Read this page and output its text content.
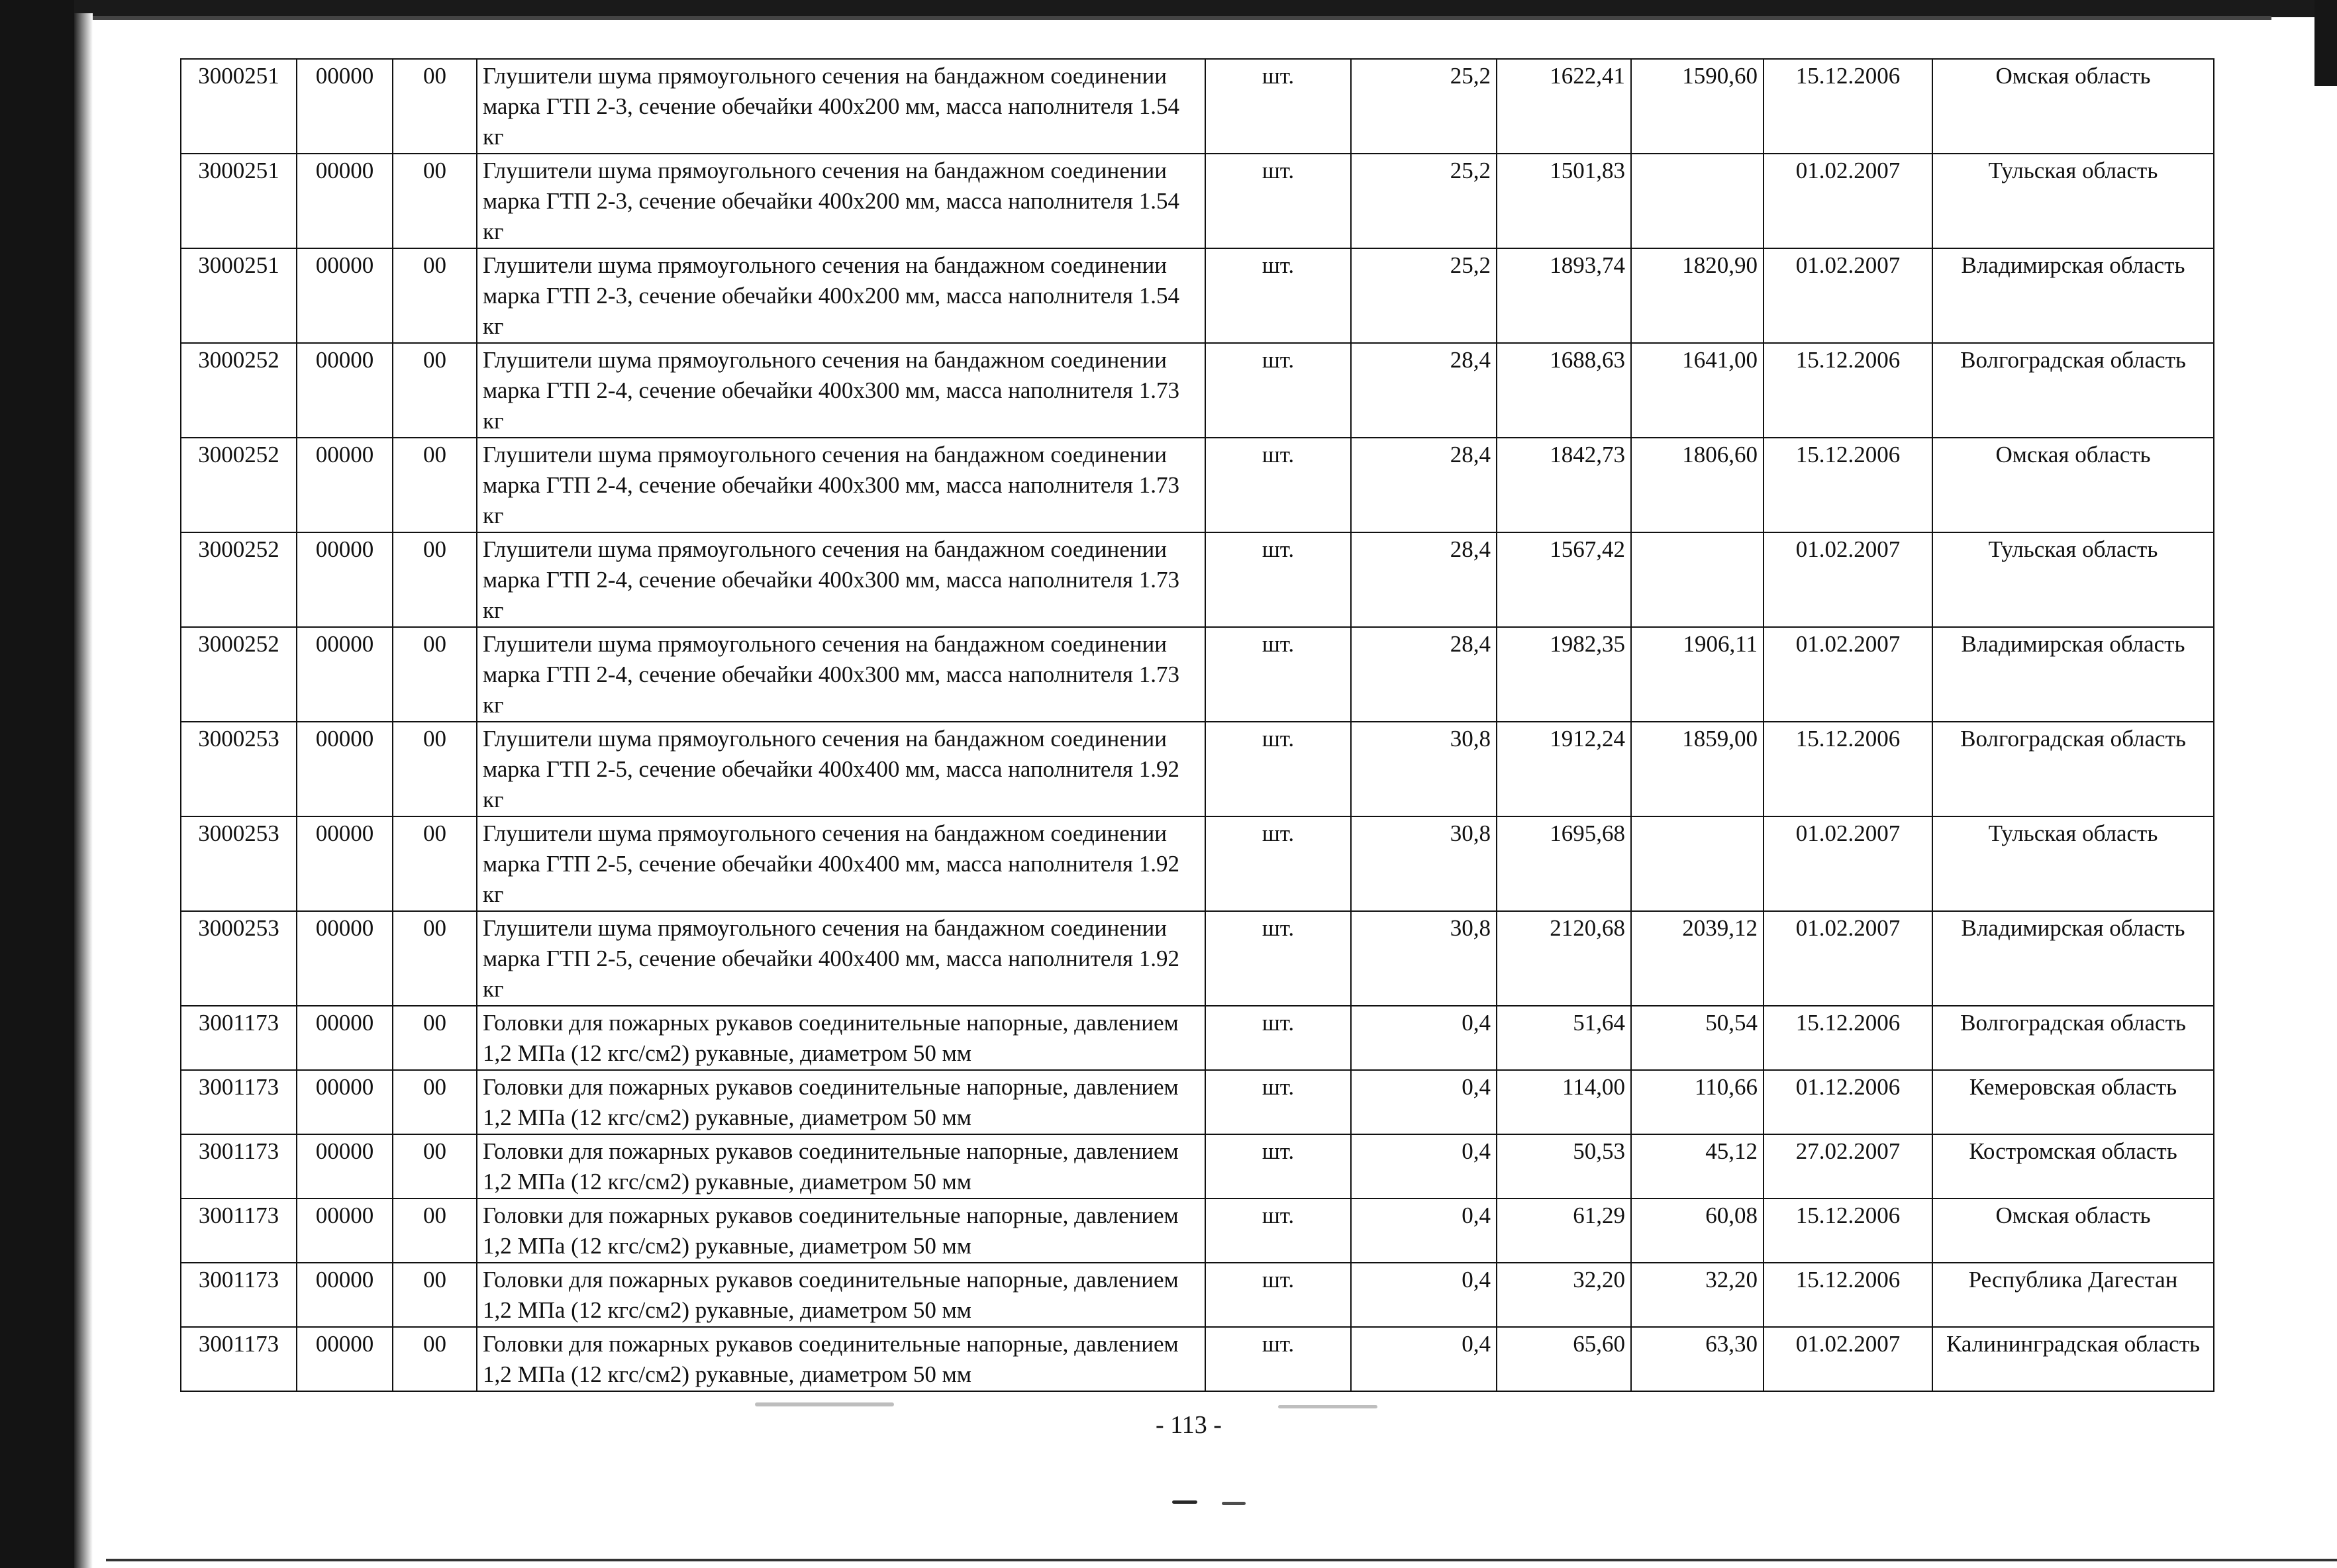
3000251	00000	00	Глушители шума прямоугольного сечения на бандажном соединении марка ГТП 2-3, сечение обечайки 400х200 мм, масса наполнителя 1.54 кг	шт.	25,2	1622,41	1590,60	15.12.2006	Омская область
3000251	00000	00	Глушители шума прямоугольного сечения на бандажном соединении марка ГТП 2-3, сечение обечайки 400х200 мм, масса наполнителя 1.54 кг	шт.	25,2	1501,83		01.02.2007	Тульская область
3000251	00000	00	Глушители шума прямоугольного сечения на бандажном соединении марка ГТП 2-3, сечение обечайки 400х200 мм, масса наполнителя 1.54 кг	шт.	25,2	1893,74	1820,90	01.02.2007	Владимирская область
3000252	00000	00	Глушители шума прямоугольного сечения на бандажном соединении марка ГТП 2-4, сечение обечайки 400х300 мм, масса наполнителя 1.73 кг	шт.	28,4	1688,63	1641,00	15.12.2006	Волгоградская область
3000252	00000	00	Глушители шума прямоугольного сечения на бандажном соединении марка ГТП 2-4, сечение обечайки 400х300 мм, масса наполнителя 1.73 кг	шт.	28,4	1842,73	1806,60	15.12.2006	Омская область
3000252	00000	00	Глушители шума прямоугольного сечения на бандажном соединении марка ГТП 2-4, сечение обечайки 400х300 мм, масса наполнителя 1.73 кг	шт.	28,4	1567,42		01.02.2007	Тульская область
3000252	00000	00	Глушители шума прямоугольного сечения на бандажном соединении марка ГТП 2-4, сечение обечайки 400х300 мм, масса наполнителя 1.73 кг	шт.	28,4	1982,35	1906,11	01.02.2007	Владимирская область
3000253	00000	00	Глушители шума прямоугольного сечения на бандажном соединении марка ГТП 2-5, сечение обечайки 400х400 мм, масса наполнителя 1.92 кг	шт.	30,8	1912,24	1859,00	15.12.2006	Волгоградская область
3000253	00000	00	Глушители шума прямоугольного сечения на бандажном соединении марка ГТП 2-5, сечение обечайки 400х400 мм, масса наполнителя 1.92 кг	шт.	30,8	1695,68		01.02.2007	Тульская область
3000253	00000	00	Глушители шума прямоугольного сечения на бандажном соединении марка ГТП 2-5, сечение обечайки 400х400 мм, масса наполнителя 1.92 кг	шт.	30,8	2120,68	2039,12	01.02.2007	Владимирская область
3001173	00000	00	Головки для пожарных рукавов соединительные напорные, давлением 1,2 МПа (12 кгс/см2) рукавные, диаметром 50 мм	шт.	0,4	51,64	50,54	15.12.2006	Волгоградская область
3001173	00000	00	Головки для пожарных рукавов соединительные напорные, давлением 1,2 МПа (12 кгс/см2) рукавные, диаметром 50 мм	шт.	0,4	114,00	110,66	01.12.2006	Кемеровская область
3001173	00000	00	Головки для пожарных рукавов соединительные напорные, давлением 1,2 МПа (12 кгс/см2) рукавные, диаметром 50 мм	шт.	0,4	50,53	45,12	27.02.2007	Костромская область
3001173	00000	00	Головки для пожарных рукавов соединительные напорные, давлением 1,2 МПа (12 кгс/см2) рукавные, диаметром 50 мм	шт.	0,4	61,29	60,08	15.12.2006	Омская область
3001173	00000	00	Головки для пожарных рукавов соединительные напорные, давлением 1,2 МПа (12 кгс/см2) рукавные, диаметром 50 мм	шт.	0,4	32,20	32,20	15.12.2006	Республика Дагестан
3001173	00000	00	Головки для пожарных рукавов соединительные напорные, давлением 1,2 МПа (12 кгс/см2) рукавные, диаметром 50 мм	шт.	0,4	65,60	63,30	01.02.2007	Калининградская область
- 113 -
